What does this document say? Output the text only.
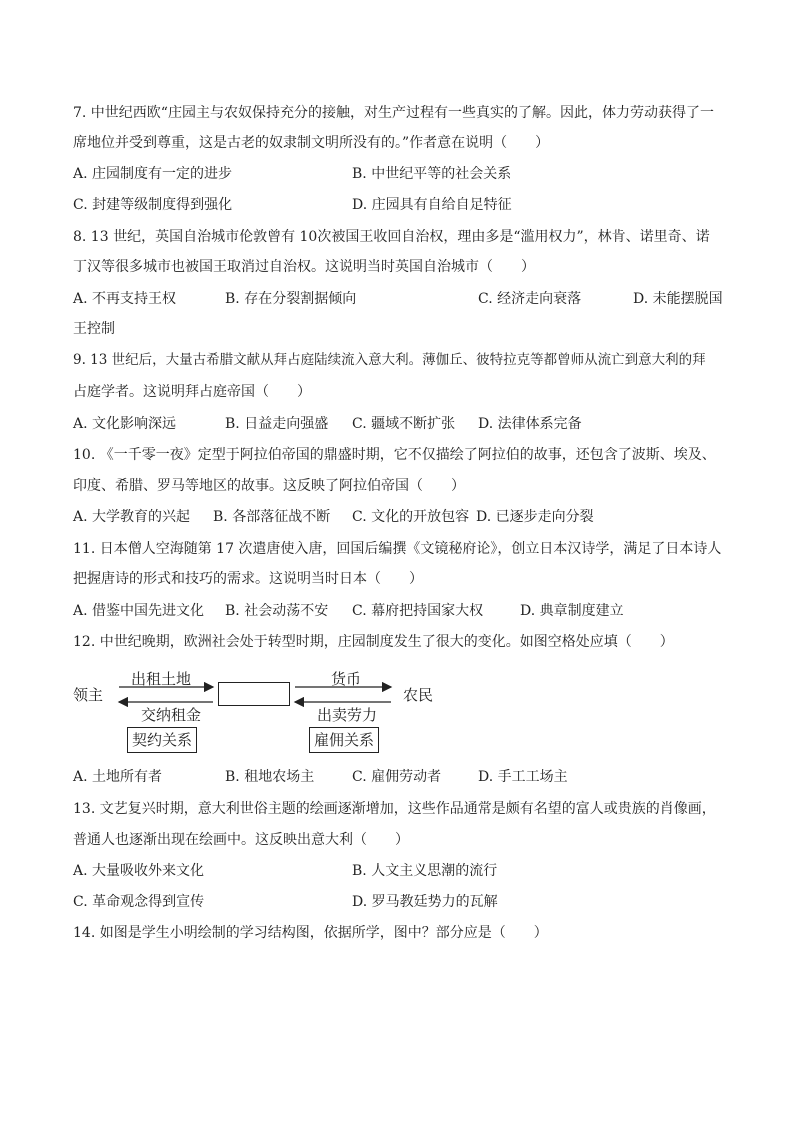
7. 中世纪西欧“庄园主与农奴保持充分的接触，对生产过程有一些真实的了解。因此，体力劳动获得了一
席地位并受到尊重，这是古老的奴隶制文明所没有的。”作者意在说明（　　）
A. 庄园制度有一定的进步	B. 中世纪平等的社会关系
C. 封建等级制度得到强化	D. 庄园具有自给自足特征
8. 13 世纪，英国自治城市伦敦曾有 10次被国王收回自治权，理由多是“滥用权力”，林肯、诺里奇、诺
丁汉等很多城市也被国王取消过自治权。这说明当时英国自治城市（　　）
A. 不再支持王权	B. 存在分裂割据倾向	C. 经济走向衰落	D. 未能摆脱国
王控制
9. 13 世纪后，大量古希腊文献从拜占庭陆续流入意大利。薄伽丘、彼特拉克等都曾师从流亡到意大利的拜
占庭学者。这说明拜占庭帝国（　　）
A. 文化影响深远	B. 日益走向强盛 C. 疆域不断扩张 D. 法律体系完备
10. 《一千零一夜》定型于阿拉伯帝国的鼎盛时期，它不仅描绘了阿拉伯的故事，还包含了波斯、埃及、
印度、希腊、罗马等地区的故事。这反映了阿拉伯帝国（　　）
A. 大学教育的兴起 B. 各部落征战不断 C. 文化的开放包容 D. 已逐步走向分裂
11. 日本僧人空海随第 17 次遣唐使入唐，回国后编撰《文镜秘府论》，创立日本汉诗学，满足了日本诗人
把握唐诗的形式和技巧的需求。这说明当时日本（　　）
A. 借鉴中国先进文化 B. 社会动荡不安 C. 幕府把持国家大权	D. 典章制度建立
12. 中世纪晚期，欧洲社会处于转型时期，庄园制度发生了很大的变化。如图空格处应填（　　）
领主
出租土地
交纳租金
货币
出卖劳力
农民
契约关系	雇佣关系
A. 土地所有者	B. 租地农场主	C. 雇佣劳动者	D. 手工工场主
13. 文艺复兴时期，意大利世俗主题的绘画逐渐增加，这些作品通常是颇有名望的富人或贵族的肖像画，
普通人也逐渐出现在绘画中。这反映出意大利（　　）
A. 大量吸收外来文化	B. 人文主义思潮的流行
C. 革命观念得到宣传	D. 罗马教廷势力的瓦解
14. 如图是学生小明绘制的学习结构图，依据所学，图中？部分应是（　　）
